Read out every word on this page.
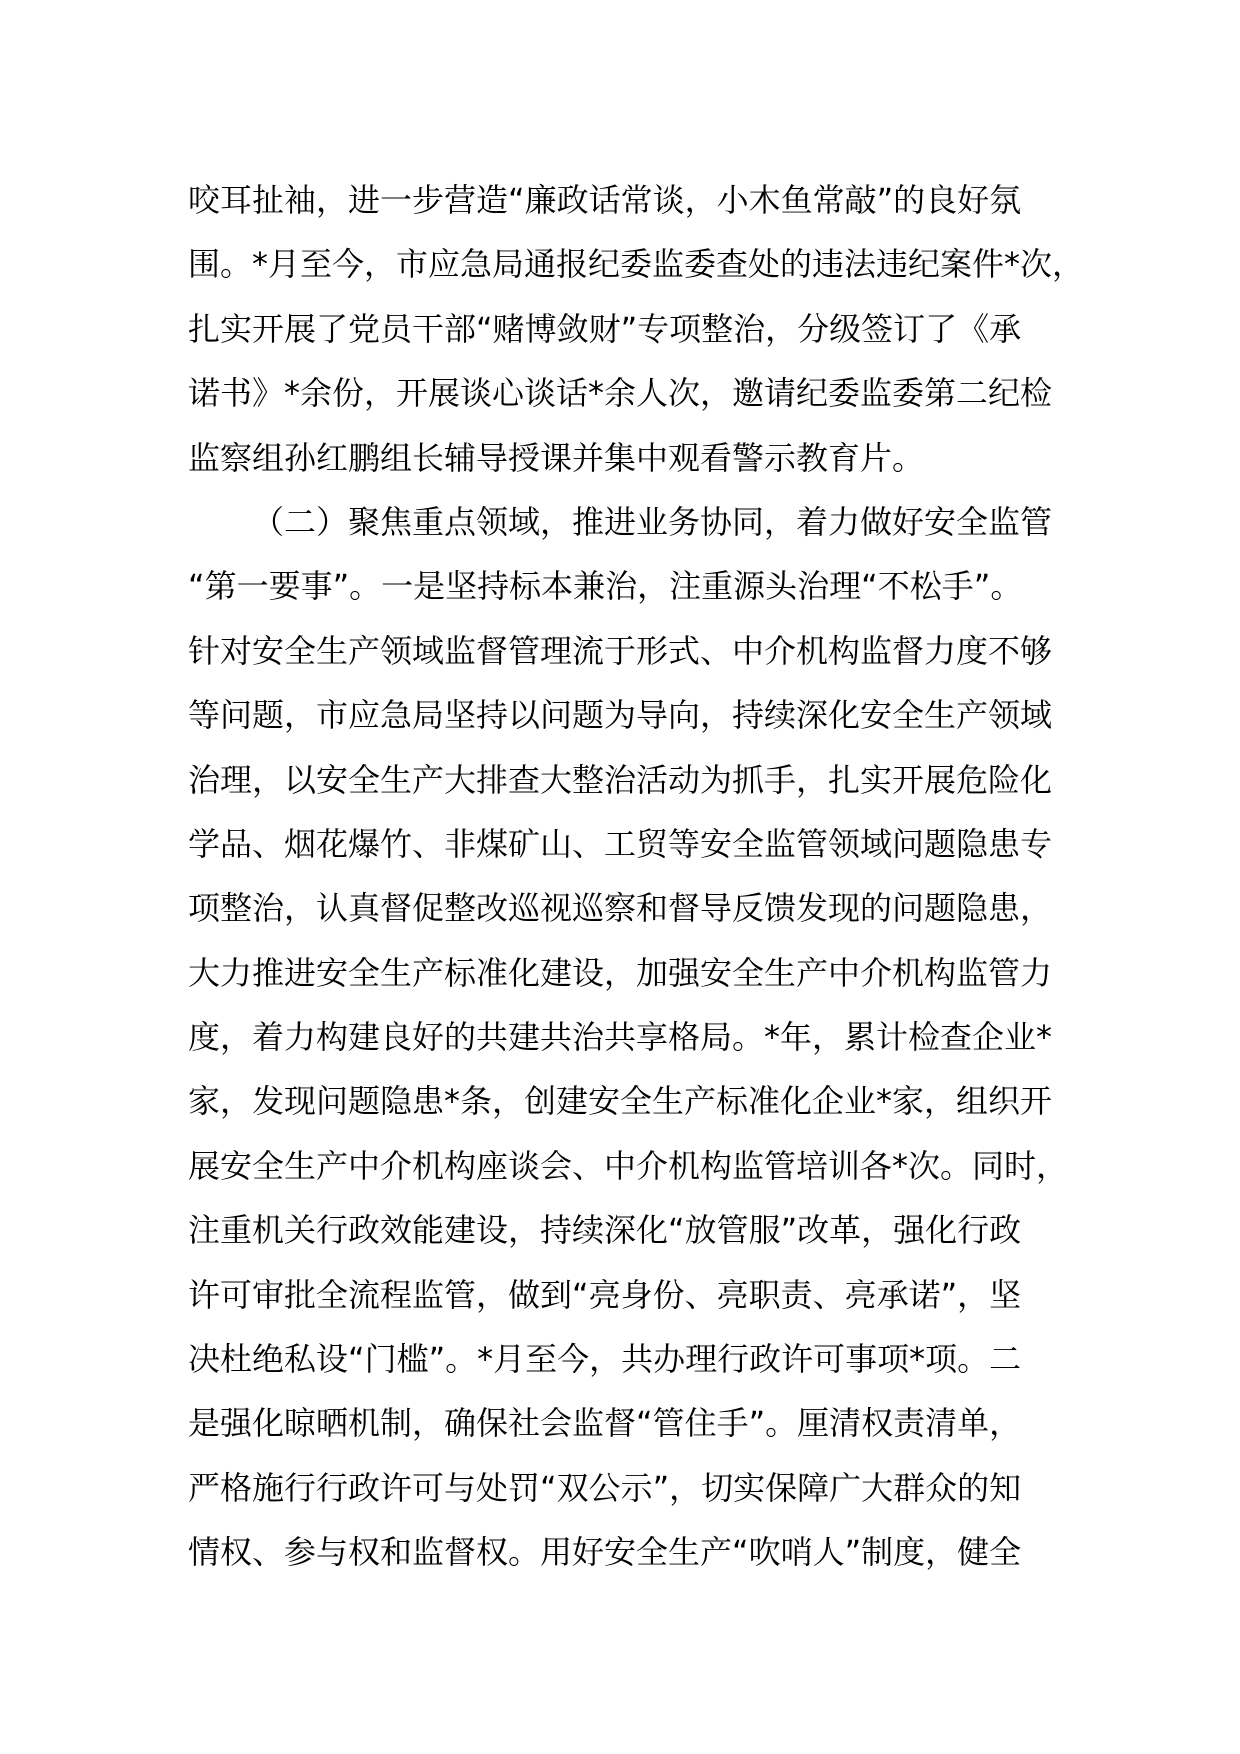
咬耳扯袖，进一步营造“廉政话常谈，小木鱼常敲”的良好氛
围。*月至今，市应急局通报纪委监委查处的违法违纪案件*次，
扎实开展了党员干部“赌博敛财”专项整治，分级签订了《承
诺书》*余份，开展谈心谈话*余人次，邀请纪委监委第二纪检
监察组孙红鹏组长辅导授课并集中观看警示教育片。
（二）聚焦重点领域，推进业务协同，着力做好安全监管
“第一要事”。一是坚持标本兼治，注重源头治理“不松手”。
针对安全生产领域监督管理流于形式、中介机构监督力度不够
等问题，市应急局坚持以问题为导向，持续深化安全生产领域
治理，以安全生产大排查大整治活动为抓手，扎实开展危险化
学品、烟花爆竹、非煤矿山、工贸等安全监管领域问题隐患专
项整治，认真督促整改巡视巡察和督导反馈发现的问题隐患，
大力推进安全生产标准化建设，加强安全生产中介机构监管力
度，着力构建良好的共建共治共享格局。*年，累计检查企业*
家，发现问题隐患*条，创建安全生产标准化企业*家，组织开
展安全生产中介机构座谈会、中介机构监管培训各*次。同时，
注重机关行政效能建设，持续深化“放管服”改革，强化行政
许可审批全流程监管，做到“亮身份、亮职责、亮承诺”，坚
决杜绝私设“门槛”。*月至今，共办理行政许可事项*项。二
是强化晾晒机制，确保社会监督“管住手”。厘清权责清单，
严格施行行政许可与处罚“双公示”，切实保障广大群众的知
情权、参与权和监督权。用好安全生产“吹哨人”制度，健全
